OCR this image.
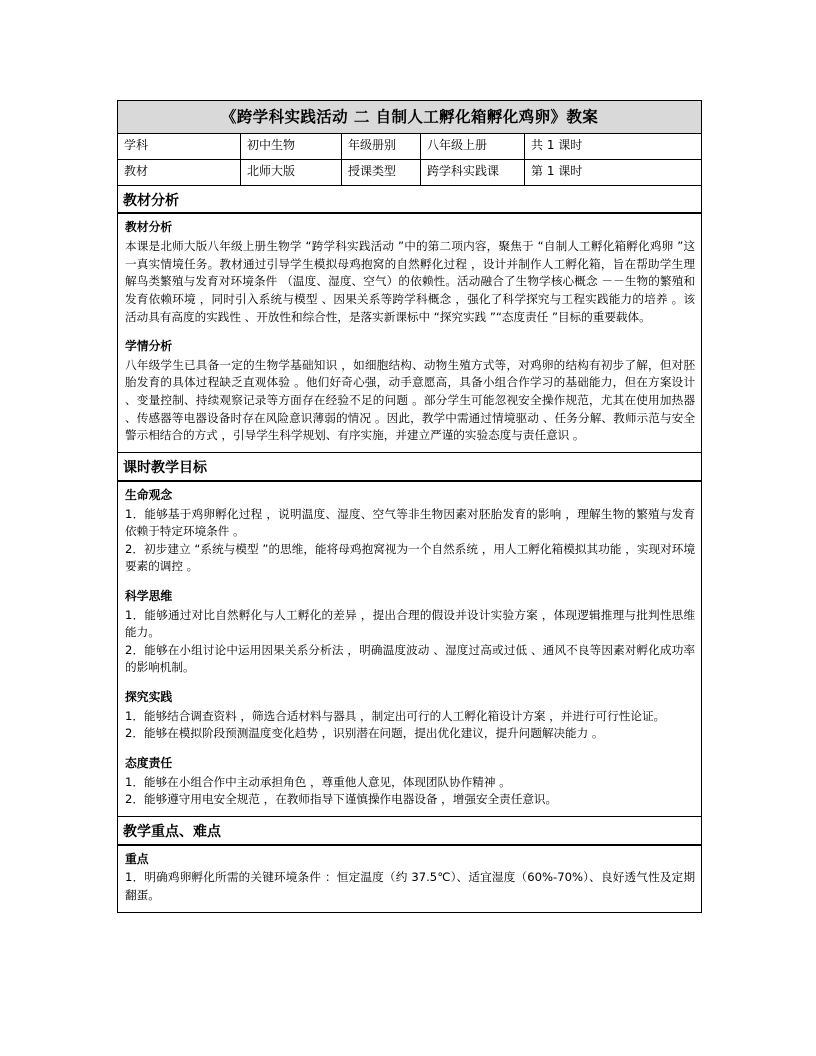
《跨学科实践活动 二 自制人工孵化箱孵化鸡卵》教案				

学科	初中生物	年级册别	八年级上册	共 1 课时
教材	北师大版	授课类型	跨学科实践课	第 1 课时

教材分析				

教材分析
本课是北师大版八年级上册生物学 “跨学科实践活动 ”中的第二项内容，聚焦于 “自制人工孵化箱孵化鸡卵 ”这一真实情境任务。教材通过引导学生模拟母鸡抱窝的自然孵化过程 ，设计并制作人工孵化箱，旨在帮助学生理解鸟类繁殖与发育对环境条件 （温度、湿度、空气）的依赖性。活动融合了生物学核心概念 －－生物的繁殖和发育依赖环境 ，同时引入系统与模型 、因果关系等跨学科概念 ，强化了科学探究与工程实践能力的培养 。该活动具有高度的实践性 、开放性和综合性，是落实新课标中 “探究实践 ”“态度责任 ”目标的重要载体。
学情分析
八年级学生已具备一定的生物学基础知识 ，如细胞结构、动物生殖方式等，对鸡卵的结构有初步了解，但对胚胎发育的具体过程缺乏直观体验 。他们好奇心强，动手意愿高，具备小组合作学习的基础能力，但在方案设计 、变量控制、持续观察记录等方面存在经验不足的问题 。部分学生可能忽视安全操作规范，尤其在使用加热器 、传感器等电器设备时存在风险意识薄弱的情况 。因此，教学中需通过情境驱动 、任务分解、教师示范与安全警示相结合的方式 ，引导学生科学规划、有序实施，并建立严谨的实验态度与责任意识 。				

课时教学目标				

生命观念
1．能够基于鸡卵孵化过程 ，说明温度、湿度、空气等非生物因素对胚胎发育的影响 ，理解生物的繁殖与发育依赖于特定环境条件 。
2．初步建立 “系统与模型 ”的思维，能将母鸡抱窝视为一个自然系统 ，用人工孵化箱模拟其功能 ，实现对环境要素的调控 。
科学思维
1．能够通过对比自然孵化与人工孵化的差异 ，提出合理的假设并设计实验方案 ，体现逻辑推理与批判性思维能力。
2．能够在小组讨论中运用因果关系分析法 ，明确温度波动 、湿度过高或过低 、通风不良等因素对孵化成功率的影响机制。
探究实践
1．能够结合调查资料 ，筛选合适材料与器具 ，制定出可行的人工孵化箱设计方案 ，并进行可行性论证。
2．能够在模拟阶段预测温度变化趋势 ，识别潜在问题，提出优化建议，提升问题解决能力 。
态度责任
1．能够在小组合作中主动承担角色 ，尊重他人意见，体现团队协作精神 。
2．能够遵守用电安全规范 ，在教师指导下谨慎操作电器设备 ，增强安全责任意识。

教学重点、难点				

重点
1．明确鸡卵孵化所需的关键环境条件 ：恒定温度（约 37.5℃）、适宜湿度（60%-70%）、良好透气性及定期翻蛋。				
